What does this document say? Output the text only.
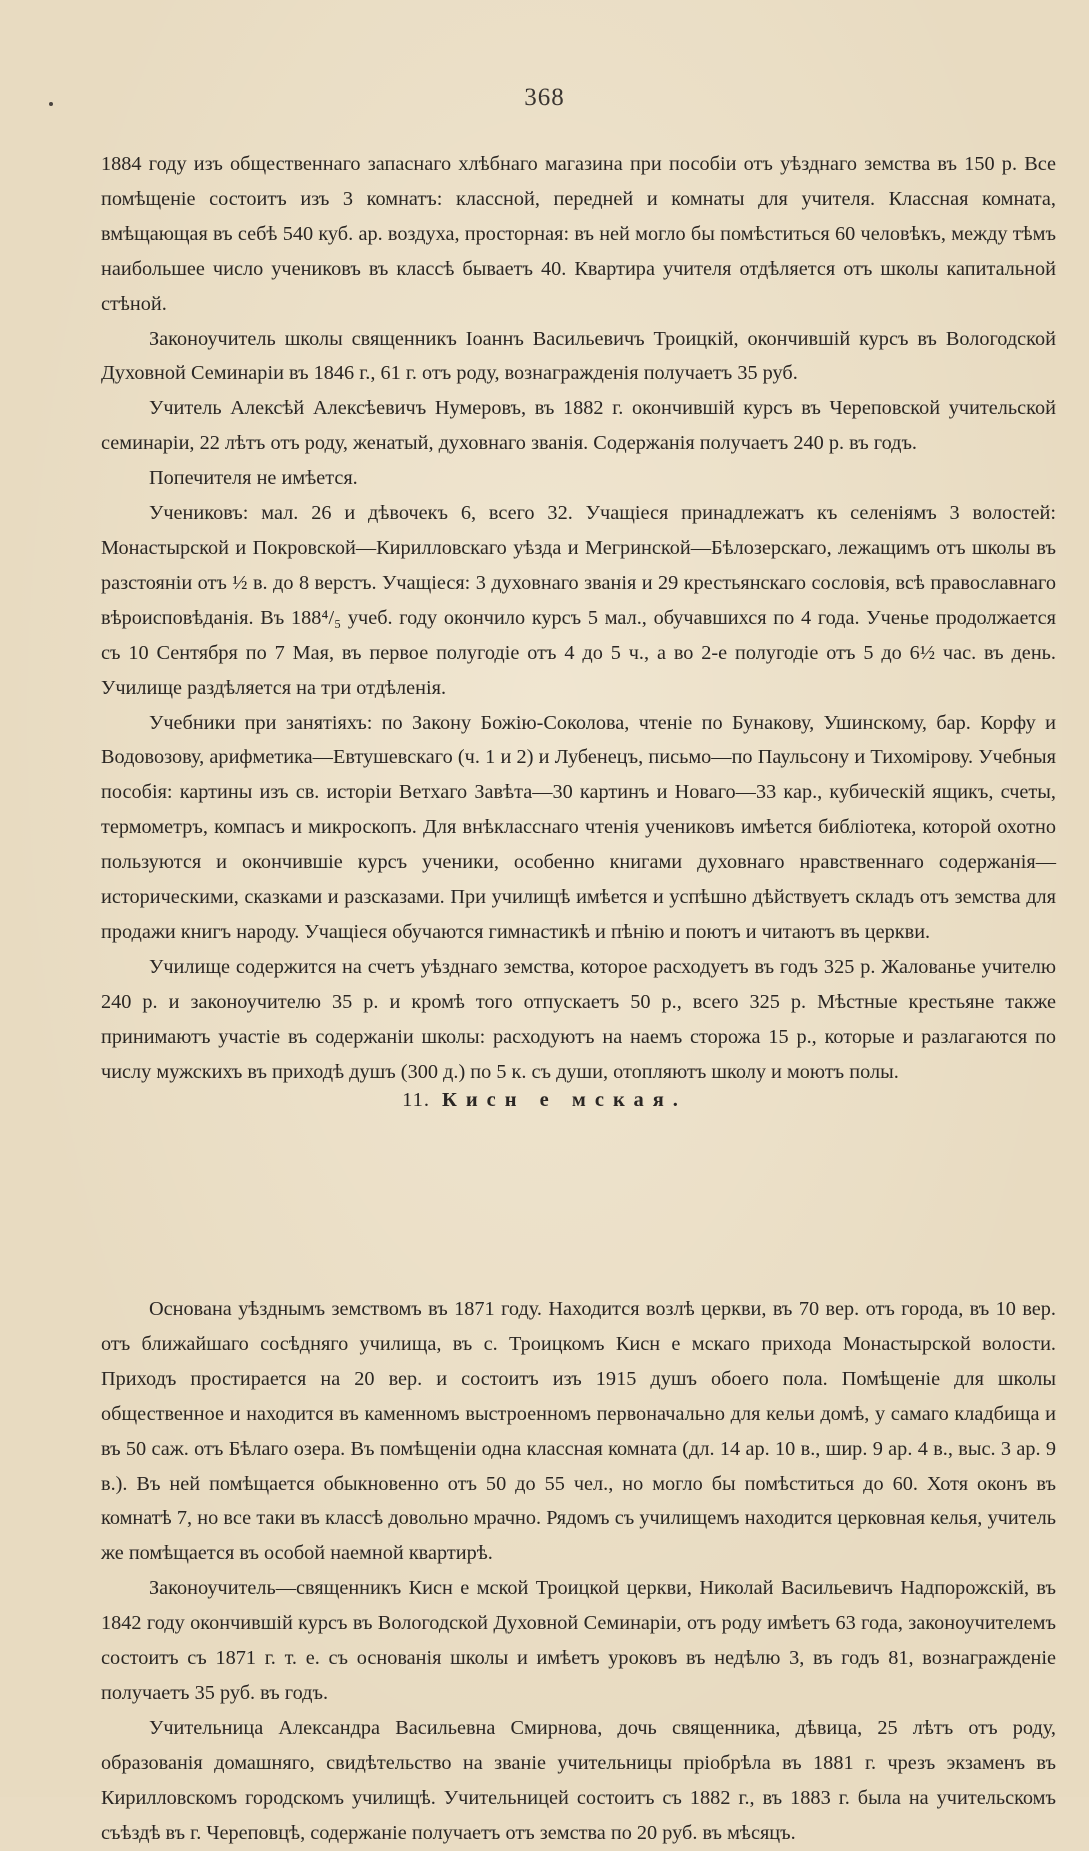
368

1884 году изъ общественнаго запаснаго хлѣбнаго магазина при пособіи отъ уѣзднаго земства въ 150 р. Все помѣщеніе состоитъ изъ 3 комнатъ: классной, передней и комнаты для учителя. Классная комната, вмѣщающая въ себѣ 540 куб. ар. воздуха, просторная: въ ней могло бы помѣститься 60 человѣкъ, между тѣмъ наибольшее число учениковъ въ классѣ бываетъ 40. Квартира учителя отдѣляется отъ школы капитальной стѣной.

Законоучитель школы священникъ Іоаннъ Васильевичъ Троицкій, окончившій курсъ въ Вологодской Духовной Семинаріи въ 1846 г., 61 г. отъ роду, вознагражденія получаетъ 35 руб.

Учитель Алексѣй Алексѣевичъ Нумеровъ, въ 1882 г. окончившій курсъ въ Череповской учительской семинаріи, 22 лѣтъ отъ роду, женатый, духовнаго званія. Содержанія получаетъ 240 р. въ годъ.

Попечителя не имѣется.

Учениковъ: мал. 26 и дѣвочекъ 6, всего 32. Учащіеся принадлежатъ къ селеніямъ 3 волостей: Монастырской и Покровской—Кирилловскаго уѣзда и Мегринской—Бѣлозерскаго, лежащимъ отъ школы въ разстояніи отъ ½ в. до 8 верстъ. Учащіеся: 3 духовнаго званія и 29 крестьянскаго сословія, всѣ православнаго вѣроисповѣданія. Въ 188⁴/₅ учеб. году окончило курсъ 5 мал., обучавшихся по 4 года. Ученье продолжается съ 10 Сентября по 7 Мая, въ первое полугодіе отъ 4 до 5 ч., а во 2-е полугодіе отъ 5 до 6½ час. въ день. Училище раздѣляется на три отдѣленія.

Учебники при занятіяхъ: по Закону Божію-Соколова, чтеніе по Бунакову, Ушинскому, бар. Корфу и Водовозову, арифметика—Евтушевскаго (ч. 1 и 2) и Лубенецъ, письмо—по Паульсону и Тихомірову. Учебныя пособія: картины изъ св. исторіи Ветхаго Завѣта—30 картинъ и Новаго—33 кар., кубическій ящикъ, счеты, термометръ, компасъ и микроскопъ. Для внѣкласснаго чтенія учениковъ имѣется библіотека, которой охотно пользуются и окончившіе курсъ ученики, особенно книгами духовнаго нравственнаго содержанія—историческими, сказками и разсказами. При училищѣ имѣется и успѣшно дѣйствуетъ складъ отъ земства для продажи книгъ народу. Учащіеся обучаются гимнастикѣ и пѣнію и поютъ и читаютъ въ церкви.

Училище содержится на счетъ уѣзднаго земства, которое расходуетъ въ годъ 325 р. Жалованье учителю 240 р. и законоучителю 35 р. и кромѣ того отпускаетъ 50 р., всего 325 р. Мѣстные крестьяне также принимаютъ участіе въ содержаніи школы: расходуютъ на наемъ сторожа 15 р., которые и разлагаются по числу мужскихъ въ приходѣ душъ (300 д.) по 5 к. съ души, отопляютъ школу и моютъ полы.

11. Кисн е мская.

Основана уѣзднымъ земствомъ въ 1871 году. Находится возлѣ церкви, въ 70 вер. отъ города, въ 10 вер. отъ ближайшаго сосѣдняго училища, въ с. Троицкомъ Кисн е мскаго прихода Монастырской волости. Приходъ простирается на 20 вер. и состоитъ изъ 1915 душъ обоего пола. Помѣщеніе для школы общественное и находится въ каменномъ выстроенномъ первоначально для кельи домѣ, у самаго кладбища и въ 50 саж. отъ Бѣлаго озера. Въ помѣщеніи одна классная комната (дл. 14 ар. 10 в., шир. 9 ар. 4 в., выс. 3 ар. 9 в.). Въ ней помѣщается обыкновенно отъ 50 до 55 чел., но могло бы помѣститься до 60. Хотя оконъ въ комнатѣ 7, но все таки въ классѣ довольно мрачно. Рядомъ съ училищемъ находится церковная келья, учитель же помѣщается въ особой наемной квартирѣ.

Законоучитель—священникъ Кисн е мской Троицкой церкви, Николай Васильевичъ Надпорожскій, въ 1842 году окончившій курсъ въ Вологодской Духовной Семинаріи, отъ роду имѣетъ 63 года, законоучителемъ состоитъ съ 1871 г. т. е. съ основанія школы и имѣетъ уроковъ въ недѣлю 3, въ годъ 81, вознагражденіе получаетъ 35 руб. въ годъ.

Учительница Александра Васильевна Смирнова, дочь священника, дѣвица, 25 лѣтъ отъ роду, образованія домашняго, свидѣтельство на званіе учительницы пріобрѣла въ 1881 г. чрезъ экзаменъ въ Кирилловскомъ городскомъ училищѣ. Учительницей состоитъ съ 1882 г., въ 1883 г. была на учительскомъ съѣздѣ въ г. Череповцѣ, содержаніе получаетъ отъ земства по 20 руб. въ мѣсяцъ.
